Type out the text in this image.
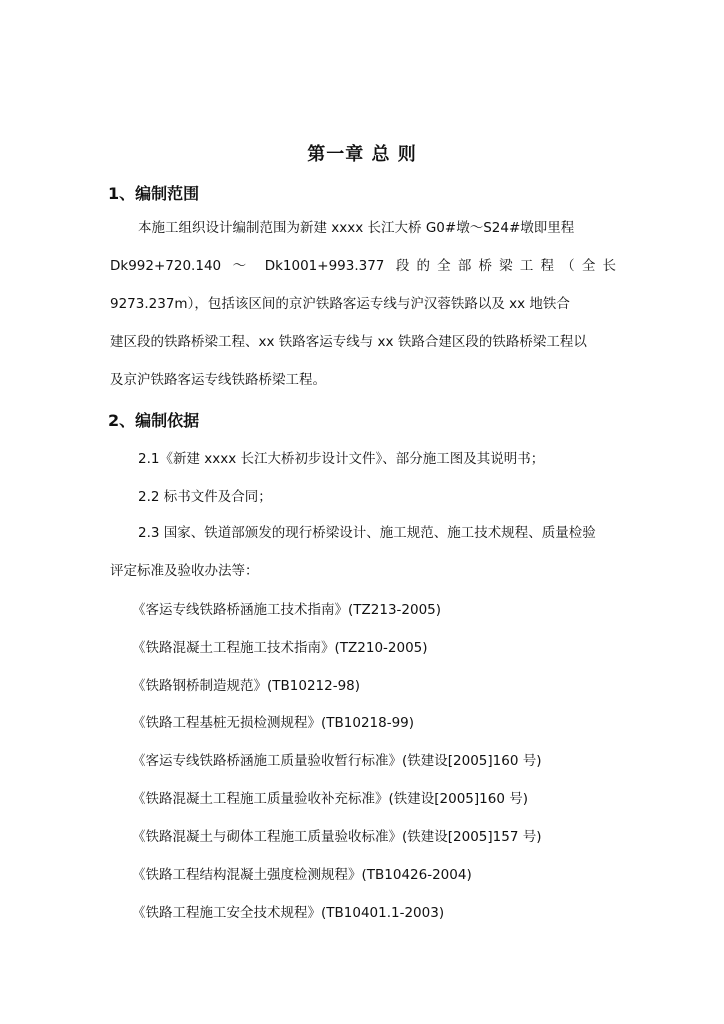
第一章 总 则
1、编制范围
本施工组织设计编制范围为新建 xxxx 长江大桥 G0#墩～S24#墩即里程
Dk992+720.140 ～ Dk1001+993.377 段的全部桥梁工程（全长
9273.237m），包括该区间的京沪铁路客运专线与沪汉蓉铁路以及 xx 地铁合
建区段的铁路桥梁工程、xx 铁路客运专线与 xx 铁路合建区段的铁路桥梁工程以
及京沪铁路客运专线铁路桥梁工程。
2、编制依据
2.1《新建 xxxx 长江大桥初步设计文件》、部分施工图及其说明书；
2.2 标书文件及合同；
2.3 国家、铁道部颁发的现行桥梁设计、施工规范、施工技术规程、质量检验
评定标准及验收办法等：
《客运专线铁路桥涵施工技术指南》(TZ213-2005)
《铁路混凝土工程施工技术指南》(TZ210-2005)
《铁路钢桥制造规范》(TB10212-98)
《铁路工程基桩无损检测规程》(TB10218-99)
《客运专线铁路桥涵施工质量验收暂行标准》(铁建设[2005]160 号)
《铁路混凝土工程施工质量验收补充标准》(铁建设[2005]160 号)
《铁路混凝土与砌体工程施工质量验收标准》(铁建设[2005]157 号)
《铁路工程结构混凝土强度检测规程》(TB10426-2004)
《铁路工程施工安全技术规程》(TB10401.1-2003)
